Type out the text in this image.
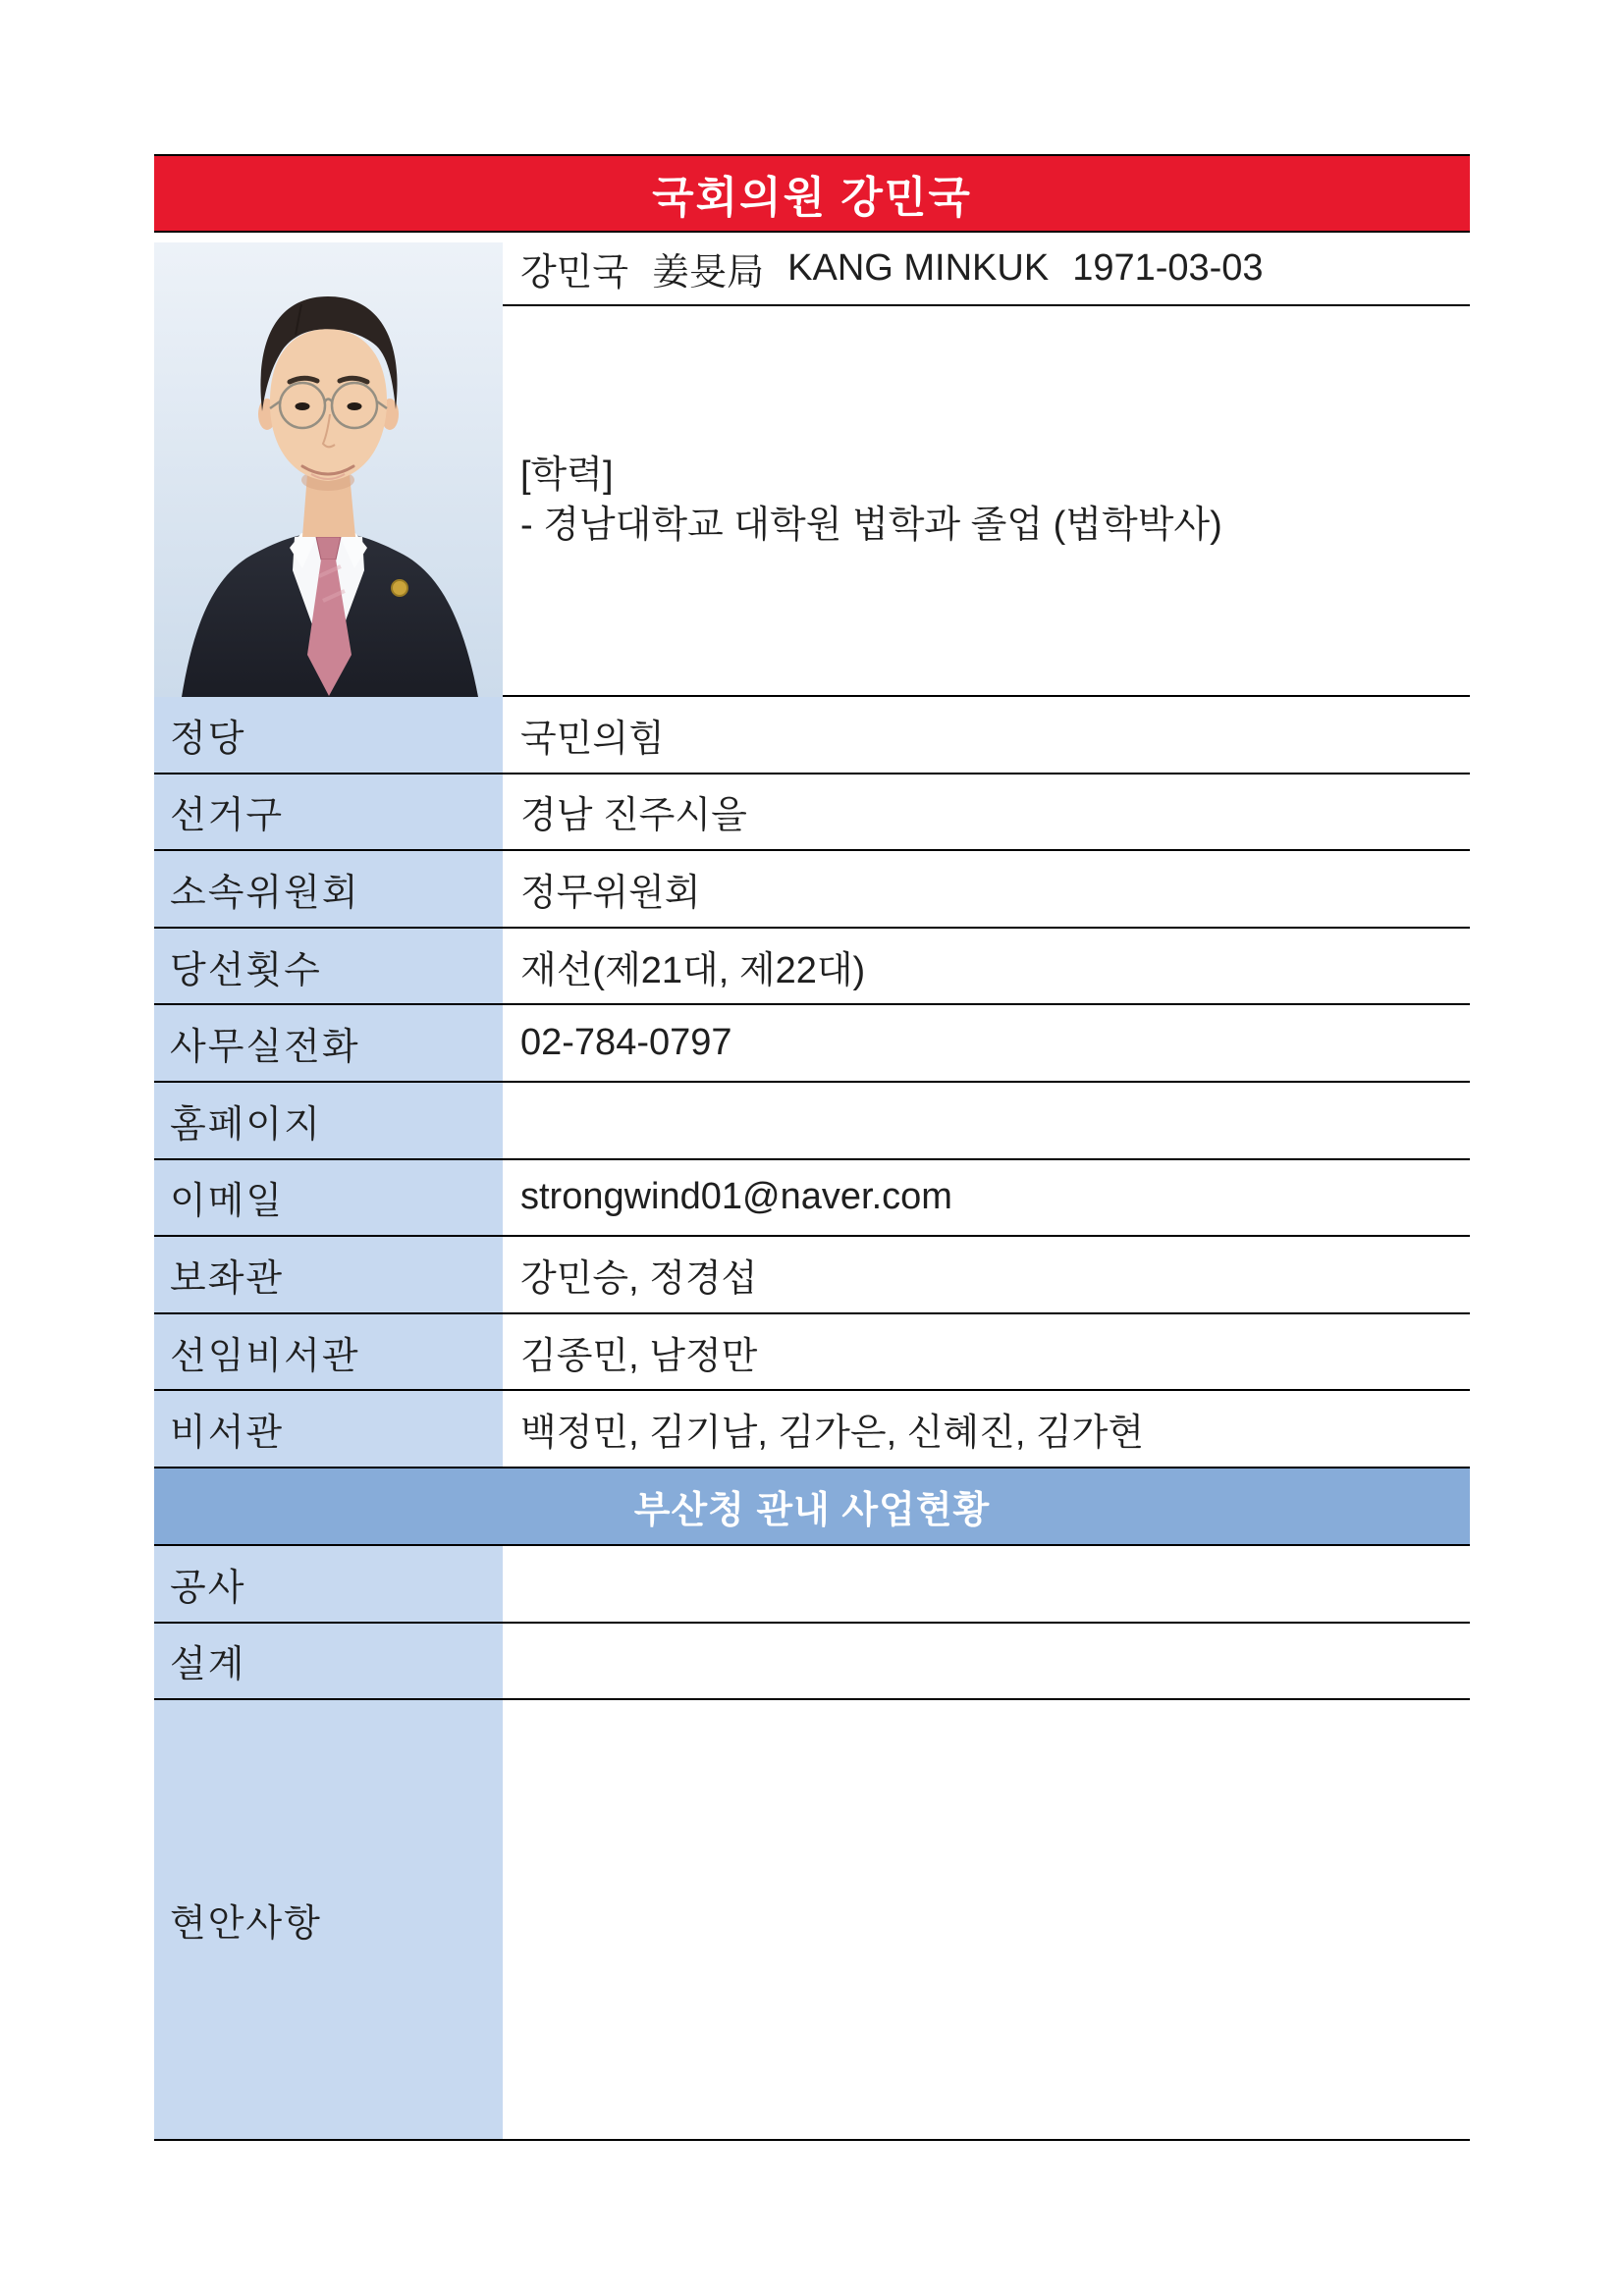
국회의원 강민국
강민국 姜旻局 KANG MINKUK 1971-03-03
[학력]
- 경남대학교 대학원 법학과 졸업 (법학박사)
정당	국민의힘
선거구	경남 진주시을
소속위원회	정무위원회
당선횟수	재선(제21대, 제22대)
사무실전화	02-784-0797
홈페이지
이메일	strongwind01@naver.com
보좌관	강민승, 정경섭
선임비서관	김종민, 남정만
비서관	백정민, 김기남, 김가은, 신혜진, 김가현
부산청 관내 사업현황
공사
설계
현안사항
